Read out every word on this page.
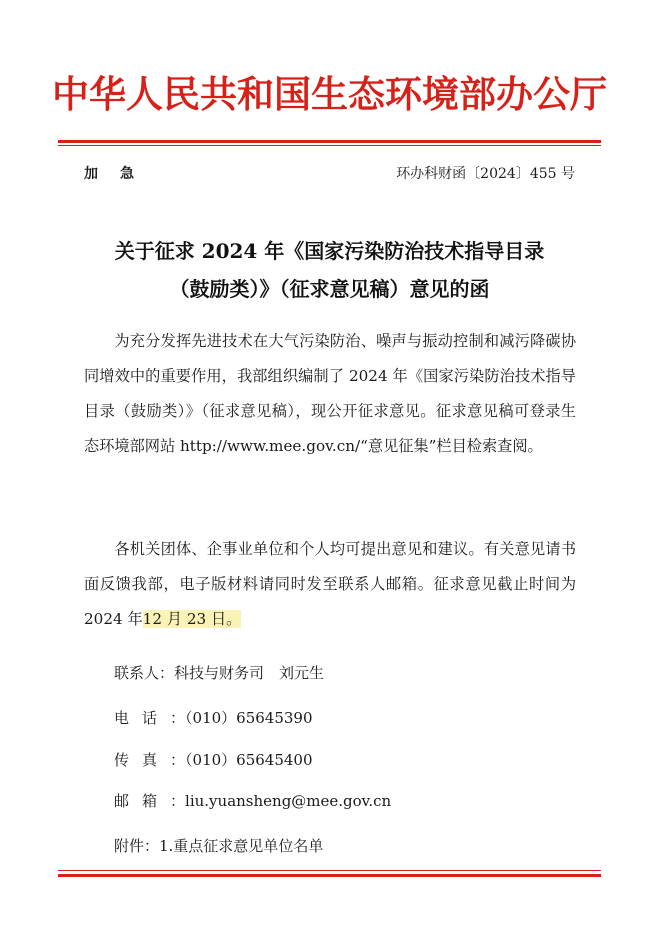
中华人民共和国生态环境部办公厅
加急	环办科财函〔2024〕455 号
关于征求 2024 年《国家污染防治技术指导目录
（鼓励类）》（征求意见稿）意见的函

为充分发挥先进技术在大气污染防治、噪声与振动控制和减污降碳协同增效中的重要作用，我部组织编制了 2024 年《国家污染防治技术指导目录（鼓励类）》（征求意见稿），现公开征求意见。征求意见稿可登录生态环境部网站 http://www.mee.gov.cn/“意见征集”栏目检索查阅。

各机关团体、企事业单位和个人均可提出意见和建议。有关意见请书面反馈我部，电子版材料请同时发至联系人邮箱。征求意见截止时间为 2024 年12 月 23 日。

联系人：科技与财务司　刘元生
电话：（010）65645390
传真：（010）65645400
邮箱：liu.yuansheng@mee.gov.cn
附件：1.重点征求意见单位名单
